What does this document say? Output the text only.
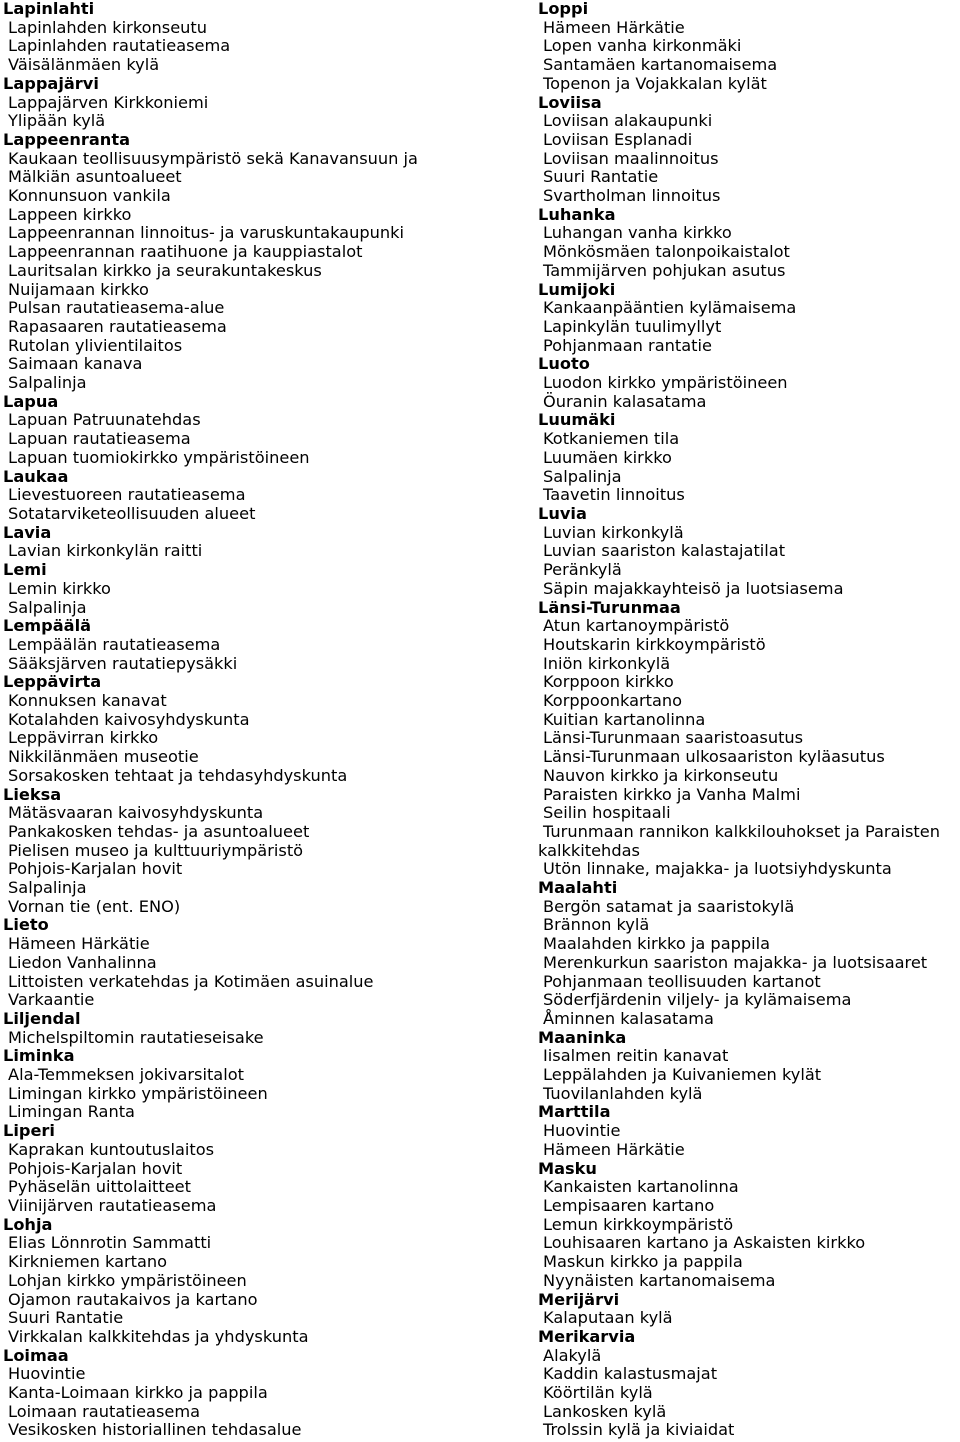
Lapinlahti
Lapinlahden kirkonseutu
Lapinlahden rautatieasema
Väisälänmäen kylä
Lappajärvi
Lappajärven Kirkkoniemi
Ylipään kylä
Lappeenranta
Kaukaan teollisuusympäristö sekä Kanavansuun ja
Mälkiän asuntoalueet
Konnunsuon vankila
Lappeen kirkko
Lappeenrannan linnoitus- ja varuskuntakaupunki
Lappeenrannan raatihuone ja kauppiastalot
Lauritsalan kirkko ja seurakuntakeskus
Nuijamaan kirkko
Pulsan rautatieasema-alue
Rapasaaren rautatieasema
Rutolan ylivientilaitos
Saimaan kanava
Salpalinja
Lapua
Lapuan Patruunatehdas
Lapuan rautatieasema
Lapuan tuomiokirkko ympäristöineen
Laukaa
Lievestuoreen rautatieasema
Sotatarviketeollisuuden alueet
Lavia
Lavian kirkonkylän raitti
Lemi
Lemin kirkko
Salpalinja
Lempäälä
Lempäälän rautatieasema
Sääksjärven rautatiepysäkki
Leppävirta
Konnuksen kanavat
Kotalahden kaivosyhdyskunta
Leppävirran kirkko
Nikkilänmäen museotie
Sorsakosken tehtaat ja tehdasyhdyskunta
Lieksa
Mätäsvaaran kaivosyhdyskunta
Pankakosken tehdas- ja asuntoalueet
Pielisen museo ja kulttuuriympäristö
Pohjois-Karjalan hovit
Salpalinja
Vornan tie (ent. ENO)
Lieto
Hämeen Härkätie
Liedon Vanhalinna
Littoisten verkatehdas ja Kotimäen asuinalue
Varkaantie
Liljendal
Michelspiltomin rautatieseisake
Liminka
Ala-Temmeksen jokivarsitalot
Limingan kirkko ympäristöineen
Limingan Ranta
Liperi
Kaprakan kuntoutuslaitos
Pohjois-Karjalan hovit
Pyhäselän uittolaitteet
Viinijärven rautatieasema
Lohja
Elias Lönnrotin Sammatti
Kirkniemen kartano
Lohjan kirkko ympäristöineen
Ojamon rautakaivos ja kartano
Suuri Rantatie
Virkkalan kalkkitehdas ja yhdyskunta
Loimaa
Huovintie
Kanta-Loimaan kirkko ja pappila
Loimaan rautatieasema
Vesikosken historiallinen tehdasalue
Loppi
Hämeen Härkätie
Lopen vanha kirkonmäki
Santamäen kartanomaisema
Topenon ja Vojakkalan kylät
Loviisa
Loviisan alakaupunki
Loviisan Esplanadi
Loviisan maalinnoitus
Suuri Rantatie
Svartholman linnoitus
Luhanka
Luhangan vanha kirkko
Mönkösmäen talonpoikaistalot
Tammijärven pohjukan asutus
Lumijoki
Kankaanpääntien kylämaisema
Lapinkylän tuulimyllyt
Pohjanmaan rantatie
Luoto
Luodon kirkko ympäristöineen
Öuranin kalasatama
Luumäki
Kotkaniemen tila
Luumäen kirkko
Salpalinja
Taavetin linnoitus
Luvia
Luvian kirkonkylä
Luvian saariston kalastajatilat
Peränkylä
Säpin majakkayhteisö ja luotsiasema
Länsi-Turunmaa
Atun kartanoympäristö
Houtskarin kirkkoympäristö
Iniön kirkonkylä
Korppoon kirkko
Korppoonkartano
Kuitian kartanolinna
Länsi-Turunmaan saaristoasutus
Länsi-Turunmaan ulkosaariston kyläasutus
Nauvon kirkko ja kirkonseutu
Paraisten kirkko ja Vanha Malmi
Seilin hospitaali
Turunmaan rannikon kalkkilouhokset ja Paraisten
kalkkitehdas
Utön linnake, majakka- ja luotsiyhdyskunta
Maalahti
Bergön satamat ja saaristokylä
Brännon kylä
Maalahden kirkko ja pappila
Merenkurkun saariston majakka- ja luotsisaaret
Pohjanmaan teollisuuden kartanot
Söderfjärdenin viljely- ja kylämaisema
Åminnen kalasatama
Maaninka
Iisalmen reitin kanavat
Leppälahden ja Kuivaniemen kylät
Tuovilanlahden kylä
Marttila
Huovintie
Hämeen Härkätie
Masku
Kankaisten kartanolinna
Lempisaaren kartano
Lemun kirkkoympäristö
Louhisaaren kartano ja Askaisten kirkko
Maskun kirkko ja pappila
Nyynäisten kartanomaisema
Merijärvi
Kalaputaan kylä
Merikarvia
Alakylä
Kaddin kalastusmajat
Köörtilän kylä
Lankosken kylä
Trolssin kylä ja kiviaidat
